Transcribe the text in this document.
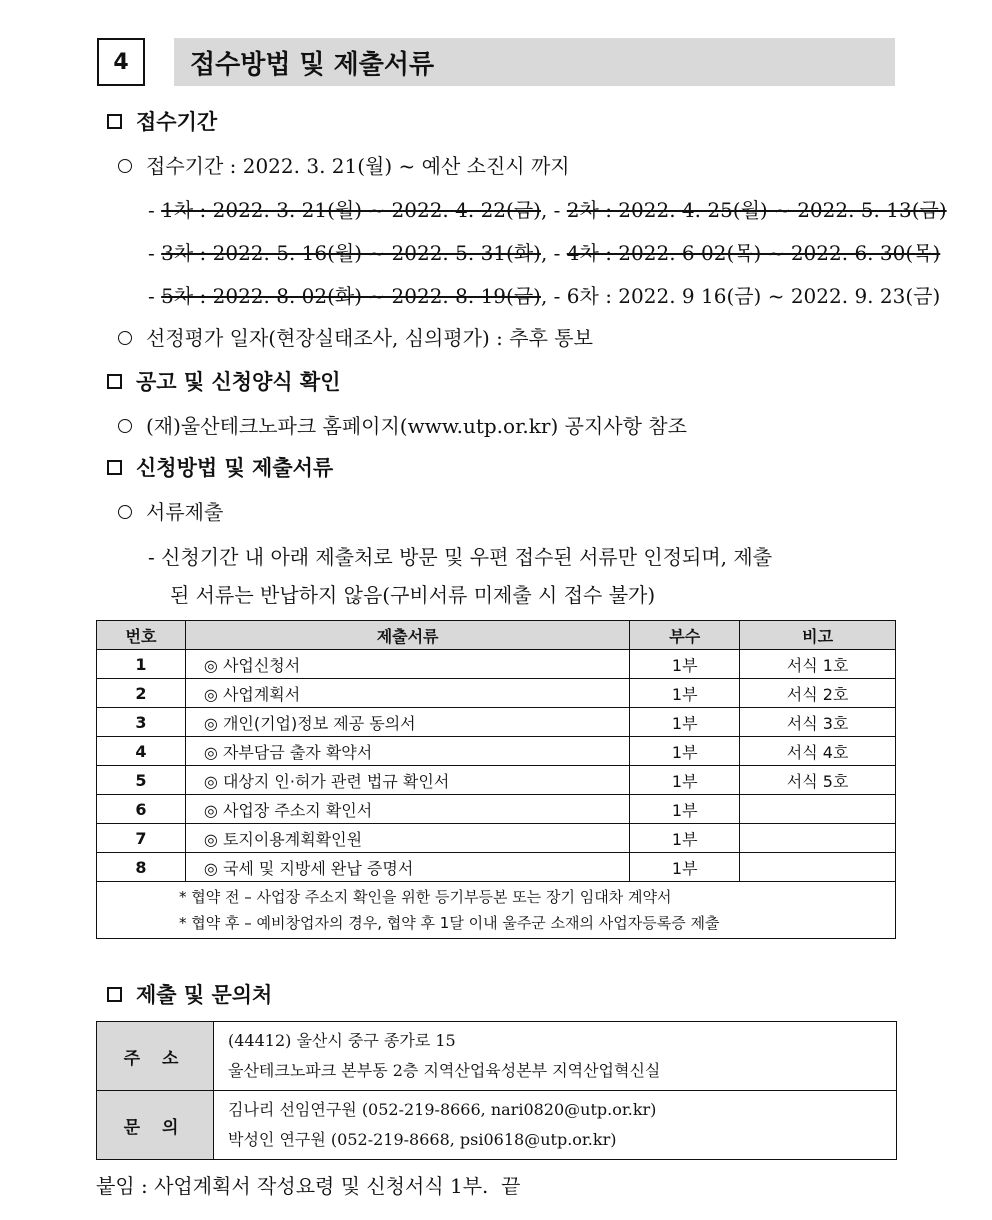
4	접수방법 및 제출서류
접수기간
접수기간 : 2022. 3. 21(월) ~ 예산 소진시 까지
- 1차 : 2022. 3. 21(월) ~ 2022. 4. 22(금), - 2차 : 2022. 4. 25(월) ~ 2022. 5. 13(금)
- 3차 : 2022. 5. 16(월) ~ 2022. 5. 31(화), - 4차 : 2022. 6 02(목) ~ 2022. 6. 30(목)
- 5차 : 2022. 8. 02(화) ~ 2022. 8. 19(금), - 6차 : 2022. 9 16(금) ~ 2022. 9. 23(금)
선정평가 일자(현장실태조사, 심의평가) : 추후 통보
공고 및 신청양식 확인
(재)울산테크노파크 홈페이지(www.utp.or.kr) 공지사항 참조
신청방법 및 제출서류
서류제출
- 신청기간 내 아래 제출처로 방문 및 우편 접수된 서류만 인정되며, 제출
된 서류는 반납하지 않음(구비서류 미제출 시 접수 불가)
번호	제출서류	부수	비고
1	◎ 사업신청서	1부	서식 1호
2	◎ 사업계획서	1부	서식 2호
3	◎ 개인(기업)정보 제공 동의서	1부	서식 3호
4	◎ 자부담금 출자 확약서	1부	서식 4호
5	◎ 대상지 인·허가 관련 법규 확인서	1부	서식 5호
6	◎ 사업장 주소지 확인서	1부	
7	◎ 토지이용계획확인원	1부	
8	◎ 국세 및 지방세 완납 증명서	1부	

* 협약 전 – 사업장 주소지 확인을 위한 등기부등본 또는 장기 임대차 계약서
* 협약 후 – 예비창업자의 경우, 협약 후 1달 이내 울주군 소재의 사업자등록증 제출			
제출 및 문의처
주 소	(44412) 울산시 중구 종가로 15
울산테크노파크 본부동 2층 지역산업육성본부 지역산업혁신실

문 의	김나리 선임연구원 (052-219-8666, nari0820@utp.or.kr)
박성인 연구원 (052-219-8668, psi0618@utp.or.kr)
붙임 : 사업계획서 작성요령 및 신청서식 1부.  끝
